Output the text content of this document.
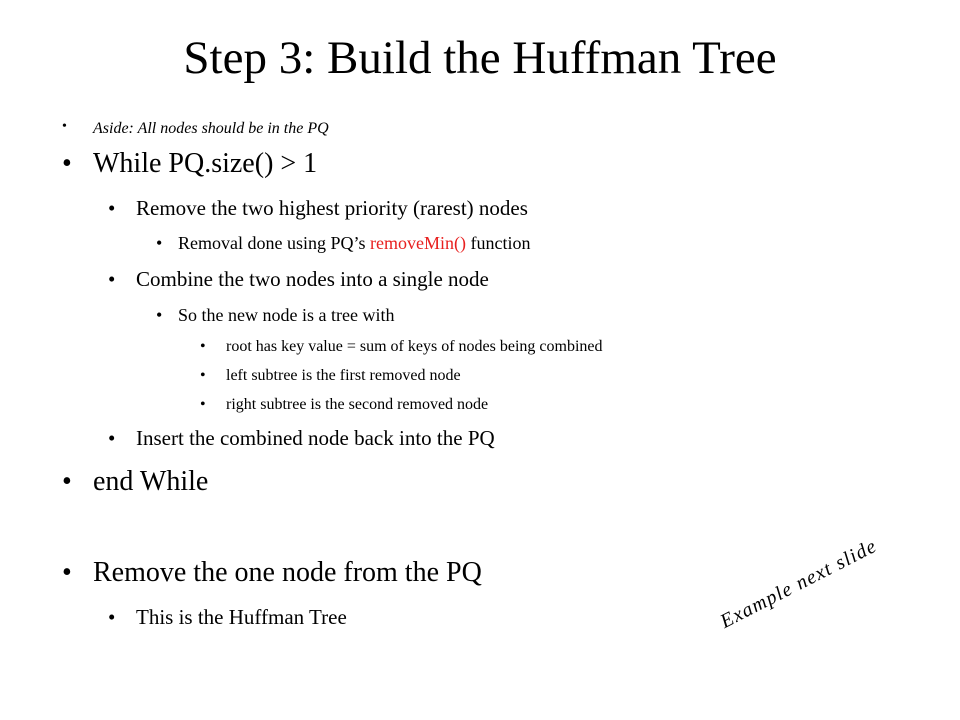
Step 3: Build the Huffman Tree
• Aside: All nodes should be in the PQ
• While PQ.size() > 1
• Remove the two highest priority (rarest) nodes
• Removal done using PQ’s removeMin() function
• Combine the two nodes into a single node
• So the new node is a tree with
• root has key value = sum of keys of nodes being combined
• left subtree is the first removed node
• right subtree is the second removed node
• Insert the combined node back into the PQ
• end While
• Remove the one node from the PQ
• This is the Huffman Tree	Example next slide
